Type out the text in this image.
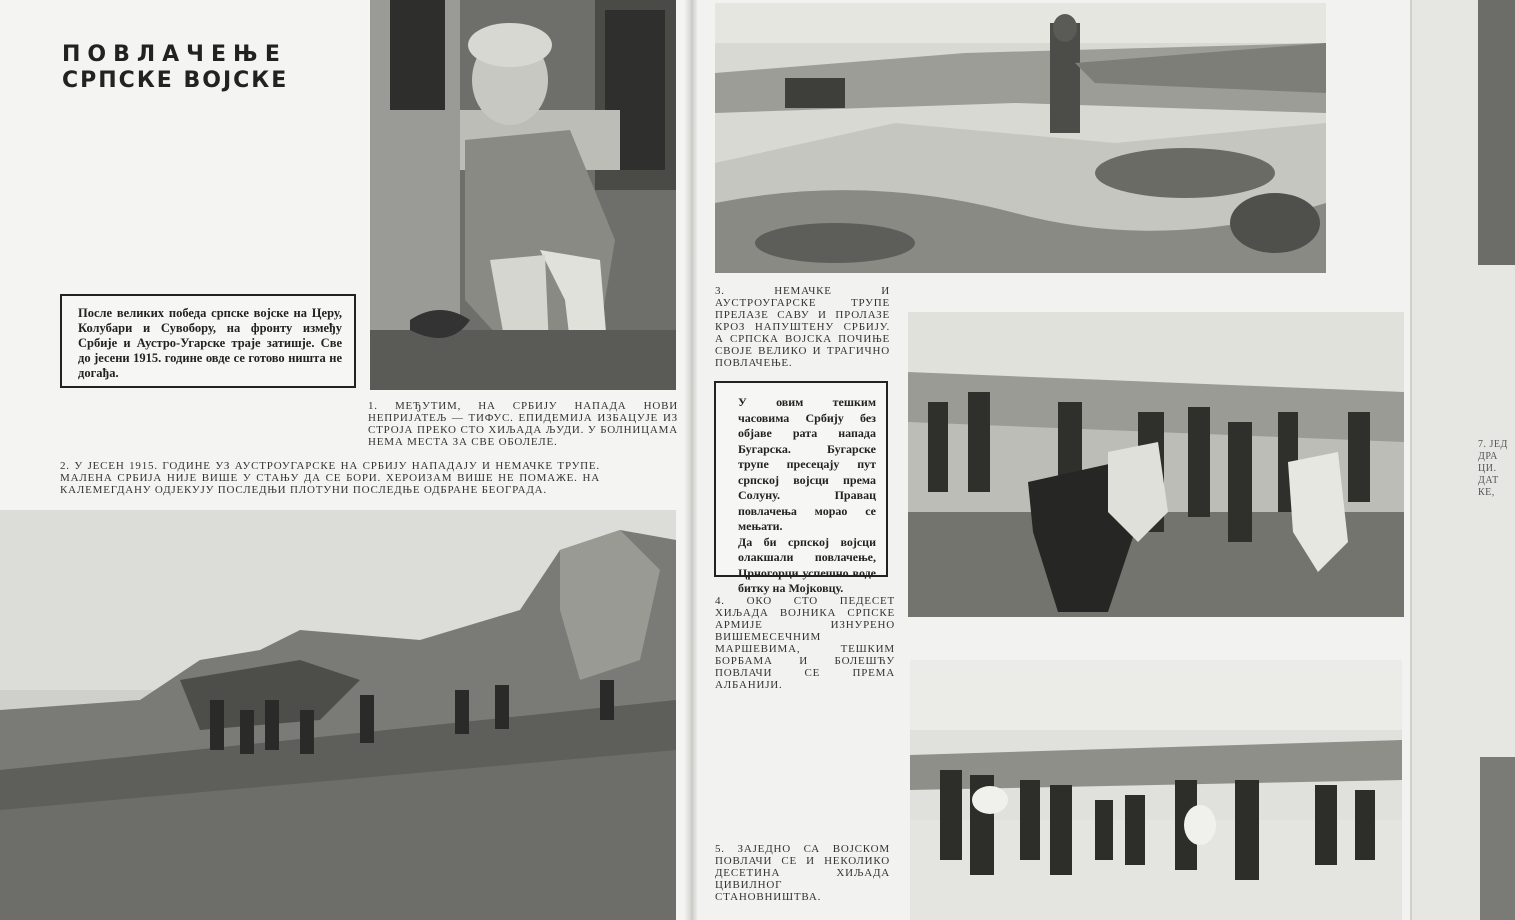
ПОВЛАЧЕЊЕ
СРПСКЕ ВОЈСКЕ
После великих победа српске војске на Церу, Колубари и Сувобору, на фронту између Србије и Аустро-Угарске траје затишје. Све до јесени 1915. године овде се готово ништа не догађа.

1. МЕЂУТИМ, НА СРБИЈУ НАПАДА НОВИ НЕПРИЈАТЕЉ — ТИФУС. ЕПИДЕМИЈА ИЗБАЦУЈЕ ИЗ СТРОЈА ПРЕКО СТО ХИЉАДА ЉУДИ. У БОЛНИЦАМА НЕМА МЕСТА ЗА СВЕ ОБОЛЕЛЕ.

2. У ЈЕСЕН 1915. ГОДИНЕ УЗ АУСТРОУГАРСКЕ НА СРБИЈУ НАПАДАЈУ И НЕМАЧКЕ ТРУПЕ. МАЛЕНА СРБИЈА НИЈЕ ВИШЕ У СТАЊУ ДА СЕ БОРИ. ХЕРОИЗАМ ВИШЕ НЕ ПОМАЖЕ. НА КАЛЕМЕГДАНУ ОДЈЕКУЈУ ПОСЛЕДЊИ ПЛОТУНИ ПОСЛЕДЊЕ ОДБРАНЕ БЕОГРАДА.

3.	НЕМАЧКЕ И АУСТРОУГАРСКЕ ТРУПЕ ПРЕЛАЗЕ САВУ И ПРОЛАЗЕ КРОЗ НАПУШТЕНУ СРБИЈУ. А СРПСКА ВОЈСКА ПОЧИЊЕ СВОЈЕ ВЕЛИКО И ТРАГИЧНО ПОВЛАЧЕЊЕ.

У овим тешким часовима Србију без објаве рата напада Бугарска. Бугарске трупе пресецају пут српској војсци према Солуну. Правац повлачења морао се мењати.

Да би српској војсци олакшали повлачење, Црногорци успешно воде битку на Мојковцу.

4. ОКО СТО ПЕДЕСЕТ ХИЉАДА ВОЈНИКА СРПСКЕ АРМИЈЕ ИЗНУРЕНО ВИШЕМЕСЕЧНИМ МАРШЕВИМА, ТЕШКИМ БОРБАМА И БОЛЕШЋУ ПОВЛАЧИ СЕ ПРЕМА АЛБАНИЈИ.

5. ЗАЈЕДНО СА ВОЈСКОМ ПОВЛАЧИ СЕ И НЕКОЛИКО ДЕСЕТИНА ХИЉАДА ЦИВИЛНОГ СТАНОВНИШТВА.

7. ЈЕД
ДРА
ЦИ.
ДАТ
КЕ,
